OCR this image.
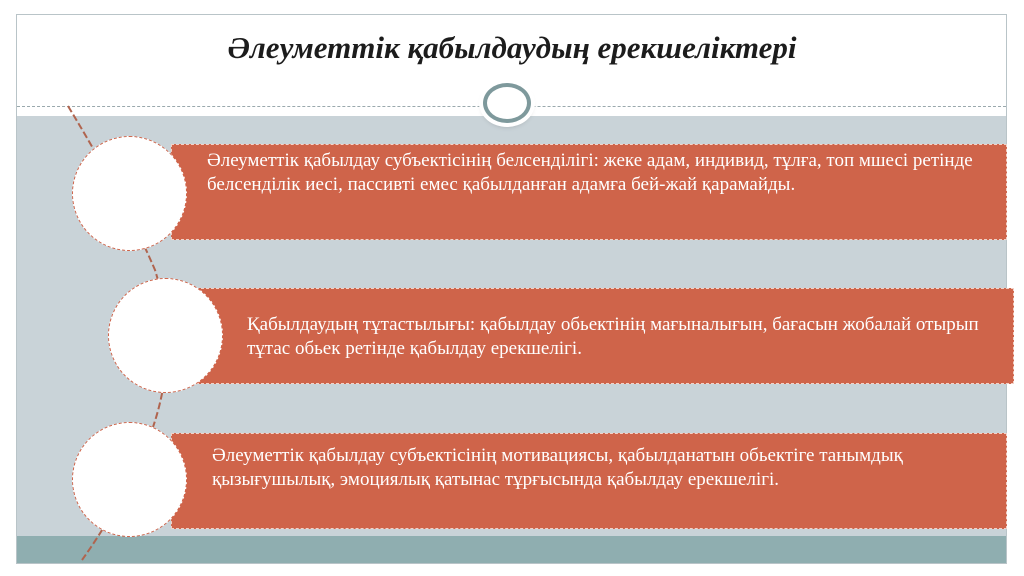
Әлеуметтік қабылдаудың ерекшеліктері
Әлеуметтік қабылдау субъектісінің белсенділігі: жеке адам, индивид, тұлға, топ мшесі ретінде белсенділік иесі, пассивті емес қабылданған адамға бей-жай қарамайды.
Қабылдаудың тұтастылығы: қабылдау обьектінің мағыналығын, бағасын жобалай отырып тұтас обьек ретінде қабылдау ерекшелігі.
Әлеуметтік қабылдау субъектісінің мотивациясы, қабылданатын обьектіге танымдық қызығушылық, эмоциялық қатынас тұрғысында қабылдау ерекшелігі.
